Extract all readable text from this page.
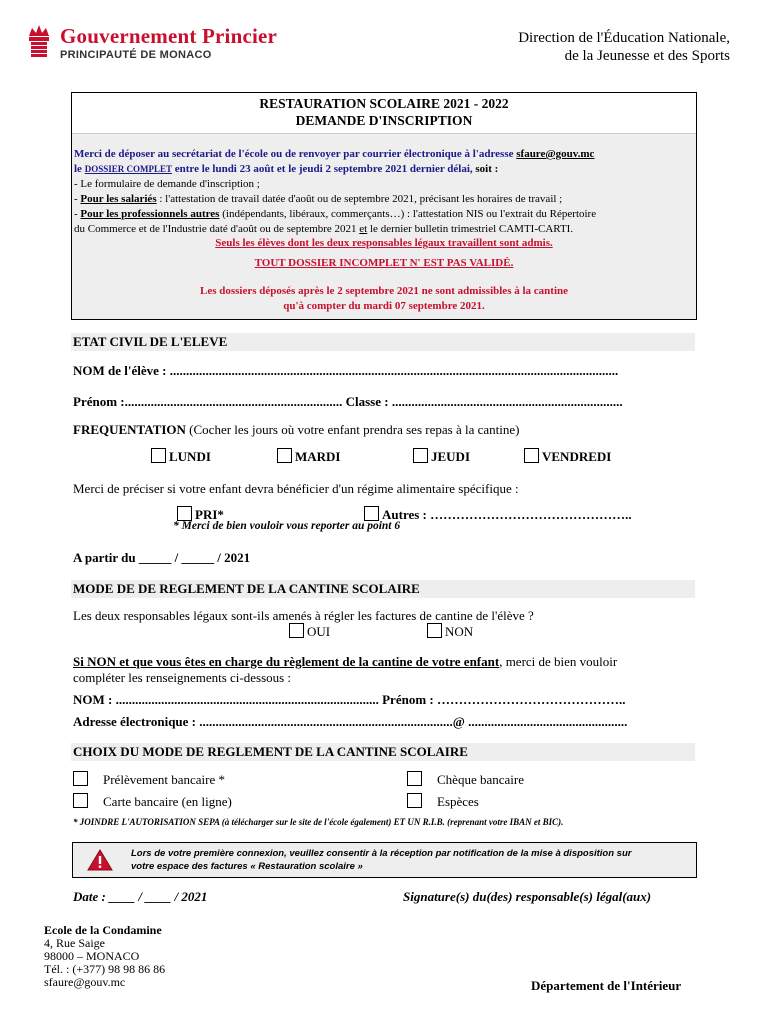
Gouvernement Princier
PRINCIPAUTÉ DE MONACO
Direction de l'Éducation Nationale,
de la Jeunesse et des Sports
RESTAURATION SCOLAIRE 2021 - 2022
DEMANDE D'INSCRIPTION
Merci de déposer au secrétariat de l'école ou de renvoyer par courrier électronique à l'adresse sfaure@gouv.mc
le DOSSIER COMPLET entre le lundi 23 août et le jeudi 2 septembre 2021 dernier délai, soit :
- Le formulaire de demande d'inscription ;
- Pour les salariés : l'attestation de travail datée d'août ou de septembre 2021, précisant les horaires de travail ;
- Pour les professionnels autres (indépendants, libéraux, commerçants…) : l'attestation NIS ou l'extrait du Répertoire
du Commerce et de l'Industrie daté d'août ou de septembre 2021 et le dernier bulletin trimestriel CAMTI-CARTI.
Seuls les élèves dont les deux responsables légaux travaillent sont admis.
TOUT DOSSIER INCOMPLET N' EST PAS VALIDÉ.
Les dossiers déposés après le 2 septembre 2021 ne sont admissibles à la cantine
qu'à compter du mardi 07 septembre 2021.
ETAT CIVIL DE L'ELEVE
NOM de l'élève : ..........................................................................................................................................
Prénom :................................................................... Classe : .......................................................................
FREQUENTATION (Cocher les jours où votre enfant prendra ses repas à la cantine)
LUNDI	MARDI	JEUDI	VENDREDI
Merci de préciser si votre enfant devra bénéficier d'un régime alimentaire spécifique :
PRI*	Autres : ………………………………………..
* Merci de bien vouloir vous reporter au point 6
A partir du _____ / _____ / 2021
MODE DE DE REGLEMENT DE LA CANTINE SCOLAIRE
Les deux responsables légaux sont-ils amenés à régler les factures de cantine de l'élève ?
OUI	NON
Si NON et que vous êtes en charge du règlement de la cantine de votre enfant, merci de bien vouloir
compléter les renseignements ci-dessous :
NOM : ................................................................................. Prénom : ……………………………………..
Adresse électronique : ..............................................................................@ .................................................
CHOIX DU MODE DE REGLEMENT DE LA CANTINE SCOLAIRE
Prélèvement bancaire *	Chèque bancaire
Carte bancaire (en ligne)	Espèces
* JOINDRE L'AUTORISATION SEPA (à télécharger sur le site de l'école également) ET UN R.I.B. (reprenant votre IBAN et BIC).
Lors de votre première connexion, veuillez consentir à la réception par notification de la mise à disposition sur
votre espace des factures « Restauration scolaire »
Date : ____ / ____ / 2021	Signature(s) du(des) responsable(s) légal(aux)
Ecole de la Condamine
4, Rue Saige
98000 – MONACO
Tél. : (+377) 98 98 86 86
sfaure@gouv.mc	Département de l'Intérieur
